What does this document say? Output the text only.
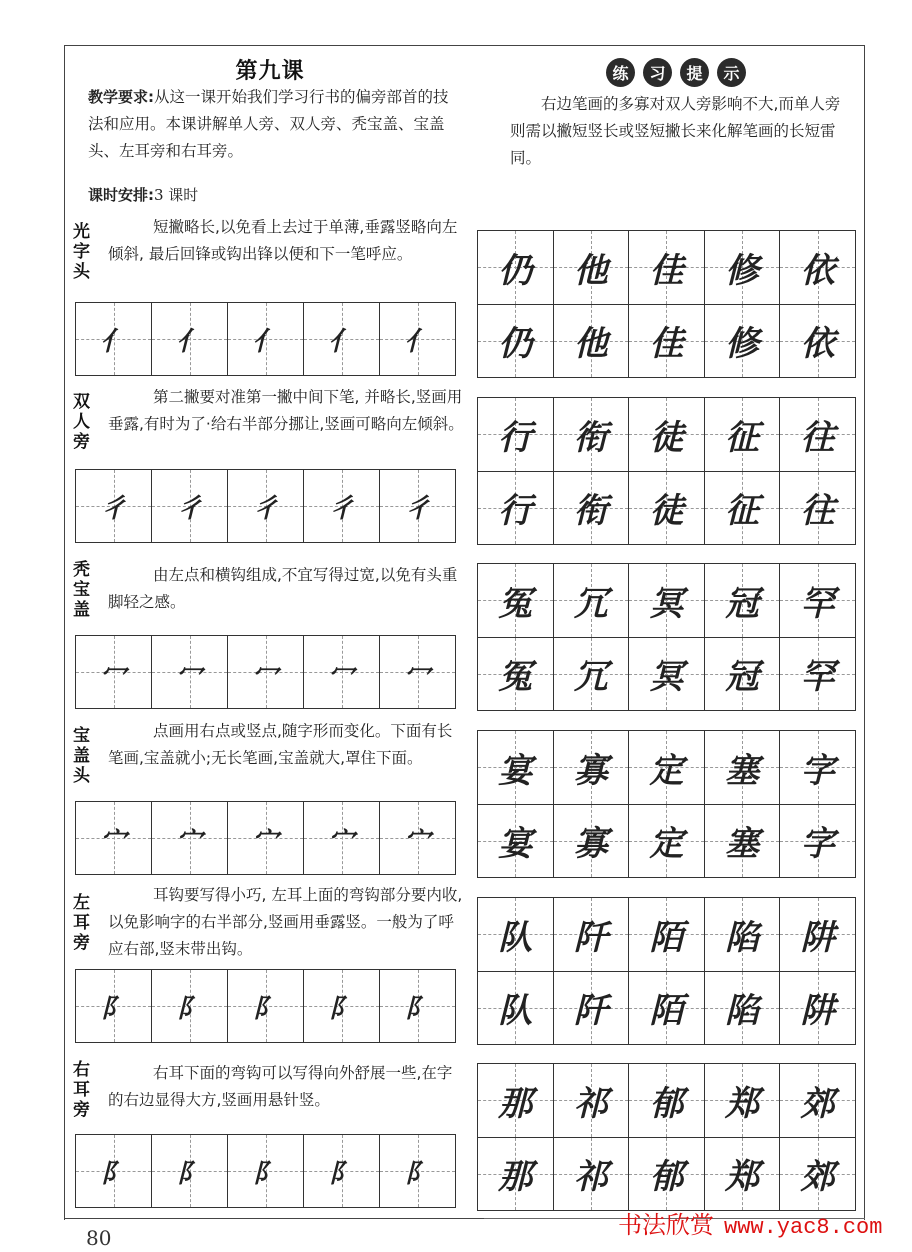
第九课
教学要求:从这一课开始我们学习行书的偏旁部首的技法和应用。本课讲解单人旁、双人旁、秃宝盖、宝盖头、左耳旁和右耳旁。
课时安排:3 课时
练	习	提	示
右边笔画的多寡对双人旁影响不大,而单人旁则需以撇短竖长或竖短撇长来化解笔画的长短雷同。
光字头
短撇略长,以免看上去过于单薄,垂露竖略向左倾斜, 最后回锋或钩出锋以便和下一笔呼应。
亻 亻 亻 亻 亻
仍 他 佳 修 依
仍 他 佳 修 依
双人旁
第二撇要对准第一撇中间下笔, 并略长,竖画用垂露,有时为了·给右半部分挪让,竖画可略向左倾斜。
彳 彳 彳 彳 彳
行 衔 徒 征 往
行 衔 徒 征 往
秃宝盖
由左点和横钩组成,不宜写得过宽,以免有头重脚轻之感。
冖 冖 冖 冖 冖
冤 冗 冥 冠 罕
冤 冗 冥 冠 罕
宝盖头
点画用右点或竖点,随字形而变化。下面有长笔画,宝盖就小;无长笔画,宝盖就大,罩住下面。
宀 宀 宀 宀 宀
宴 寡 定 塞 字
宴 寡 定 塞 字
左耳旁
耳钩要写得小巧, 左耳上面的弯钩部分要内收,以免影响字的右半部分,竖画用垂露竖。一般为了呼应右部,竖末带出钩。
阝 阝 阝 阝 阝
队 阡 陌 陷 阱
队 阡 陌 陷 阱
右耳旁
右耳下面的弯钩可以写得向外舒展一些,在字的右边显得大方,竖画用悬针竖。
阝 阝 阝 阝 阝
那 祁 郁 郑 郊
那 祁 郁 郑 郊
80	书法欣赏 www.yac8.com
